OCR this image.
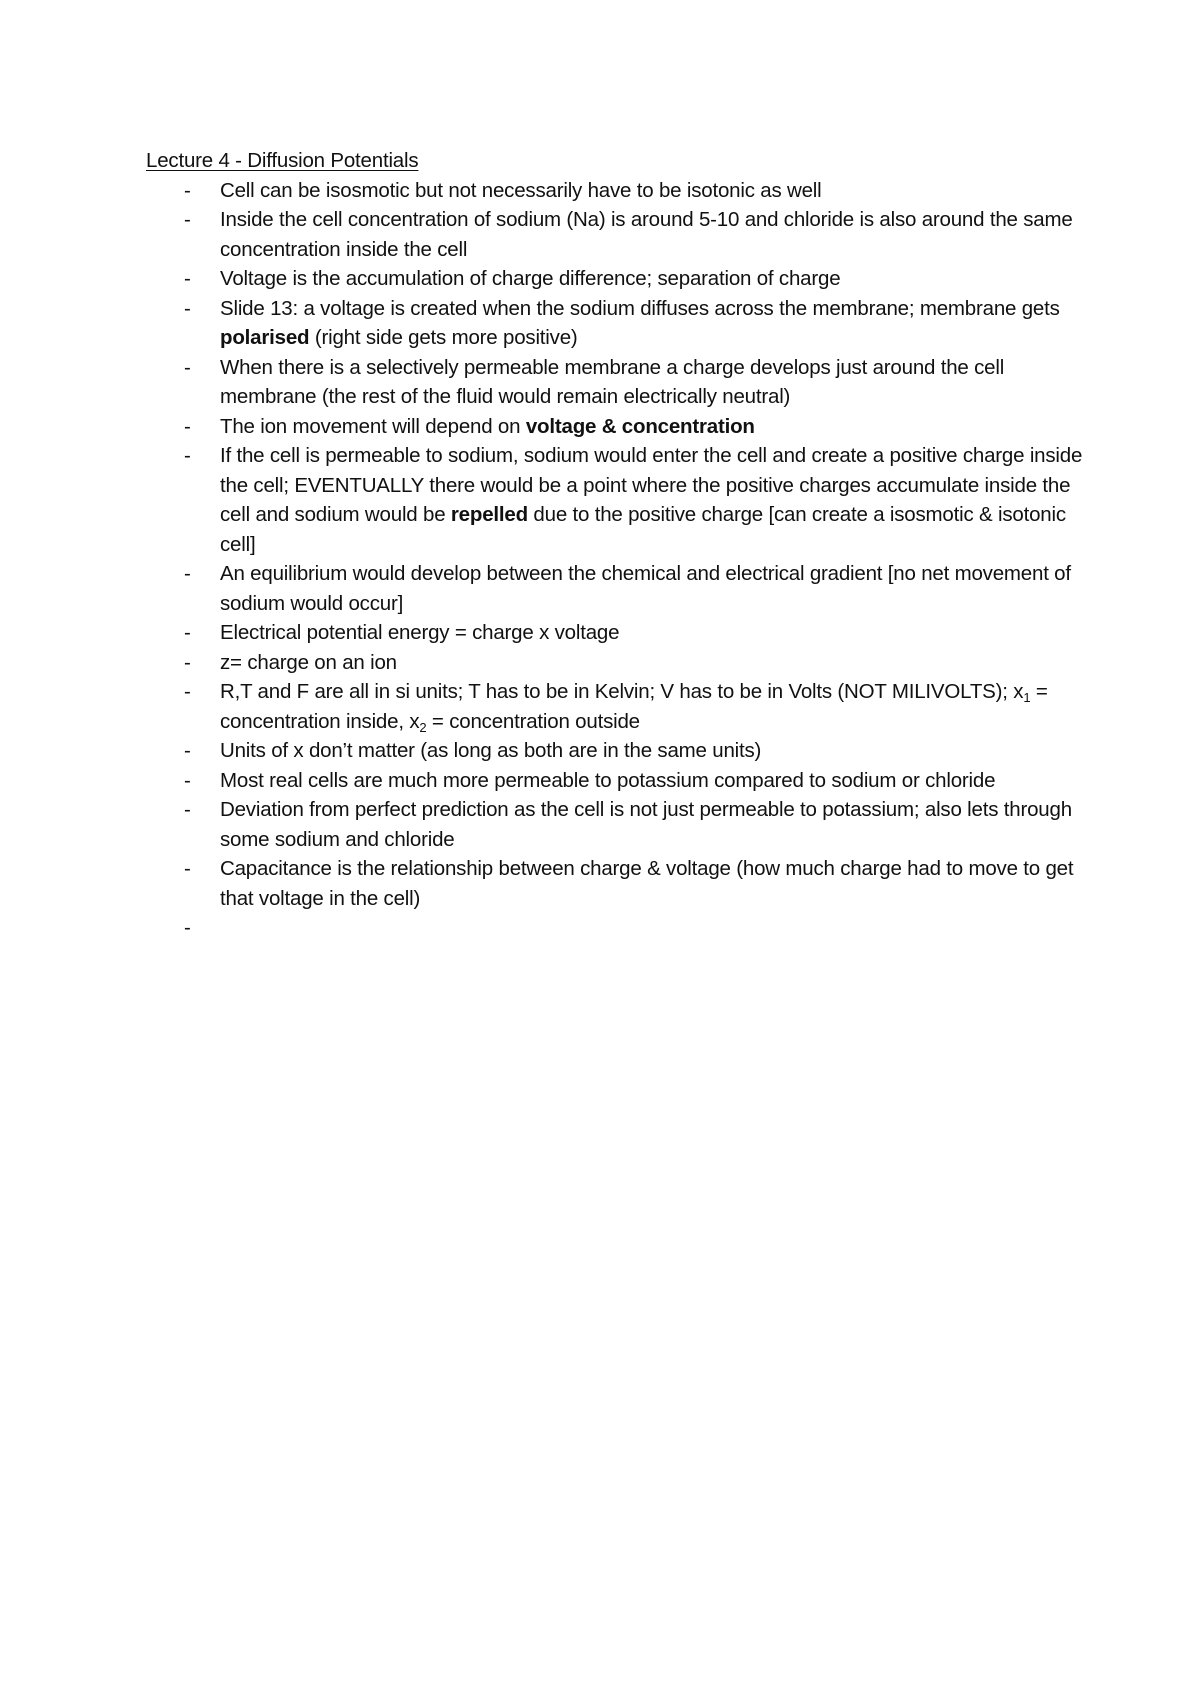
Lecture 4 - Diffusion Potentials
- Cell can be isosmotic but not necessarily have to be isotonic as well
- Inside the cell concentration of sodium (Na) is around 5-10 and chloride is also around the same concentration inside the cell
- Voltage is the accumulation of charge difference; separation of charge
- Slide 13: a voltage is created when the sodium diffuses across the membrane; membrane gets polarised (right side gets more positive)
- When there is a selectively permeable membrane a charge develops just around the cell membrane (the rest of the fluid would remain electrically neutral)
- The ion movement will depend on voltage & concentration
- If the cell is permeable to sodium, sodium would enter the cell and create a positive charge inside the cell; EVENTUALLY there would be a point where the positive charges accumulate inside the cell and sodium would be repelled due to the positive charge [can create a isosmotic & isotonic cell]
- An equilibrium would develop between the chemical and electrical gradient [no net movement of sodium would occur]
- Electrical potential energy = charge x voltage
- z= charge on an ion
- R,T and F are all in si units; T has to be in Kelvin; V has to be in Volts (NOT MILIVOLTS); $x_1$ = concentration inside, $x_2$ = concentration outside
- Units of x don’t matter (as long as both are in the same units)
- Most real cells are much more permeable to potassium compared to sodium or chloride
- Deviation from perfect prediction as the cell is not just permeable to potassium; also lets through some sodium and chloride
- Capacitance is the relationship between charge & voltage (how much charge had to move to get that voltage in the cell)
-
